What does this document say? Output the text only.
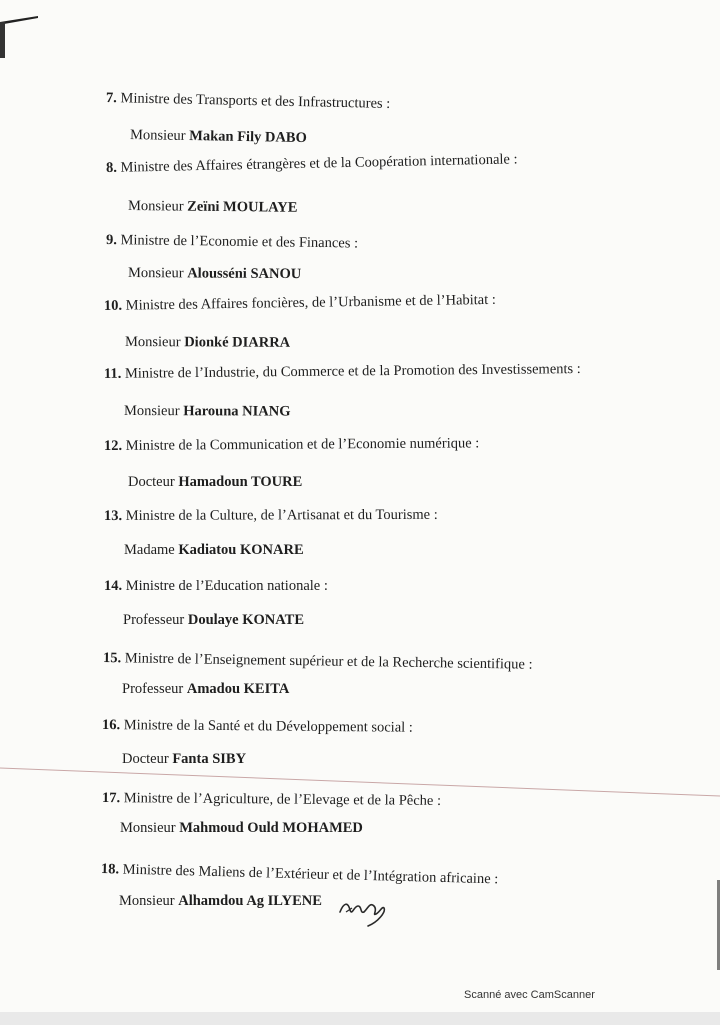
7. Ministre des Transports et des Infrastructures :
Monsieur Makan Fily DABO
8. Ministre des Affaires étrangères et de la Coopération internationale :
Monsieur Zeïni MOULAYE
9. Ministre de l’Economie et des Finances :
Monsieur Alousséni SANOU
10. Ministre des Affaires foncières, de l’Urbanisme et de l’Habitat :
Monsieur Dionké DIARRA
11. Ministre de l’Industrie, du Commerce et de la Promotion des Investissements :
Monsieur Harouna NIANG
12. Ministre de la Communication et de l’Economie numérique :
Docteur Hamadoun TOURE
13. Ministre de la Culture, de l’Artisanat et du Tourisme :
Madame Kadiatou KONARE
14. Ministre de l’Education nationale :
Professeur Doulaye KONATE
15. Ministre de l’Enseignement supérieur et de la Recherche scientifique :
Professeur Amadou KEITA
16. Ministre de la Santé et du Développement social :
Docteur Fanta SIBY
17. Ministre de l’Agriculture, de l’Elevage et de la Pêche :
Monsieur Mahmoud Ould MOHAMED
18. Ministre des Maliens de l’Extérieur et de l’Intégration africaine :
Monsieur Alhamdou Ag ILYENE
Scanné avec CamScanner
